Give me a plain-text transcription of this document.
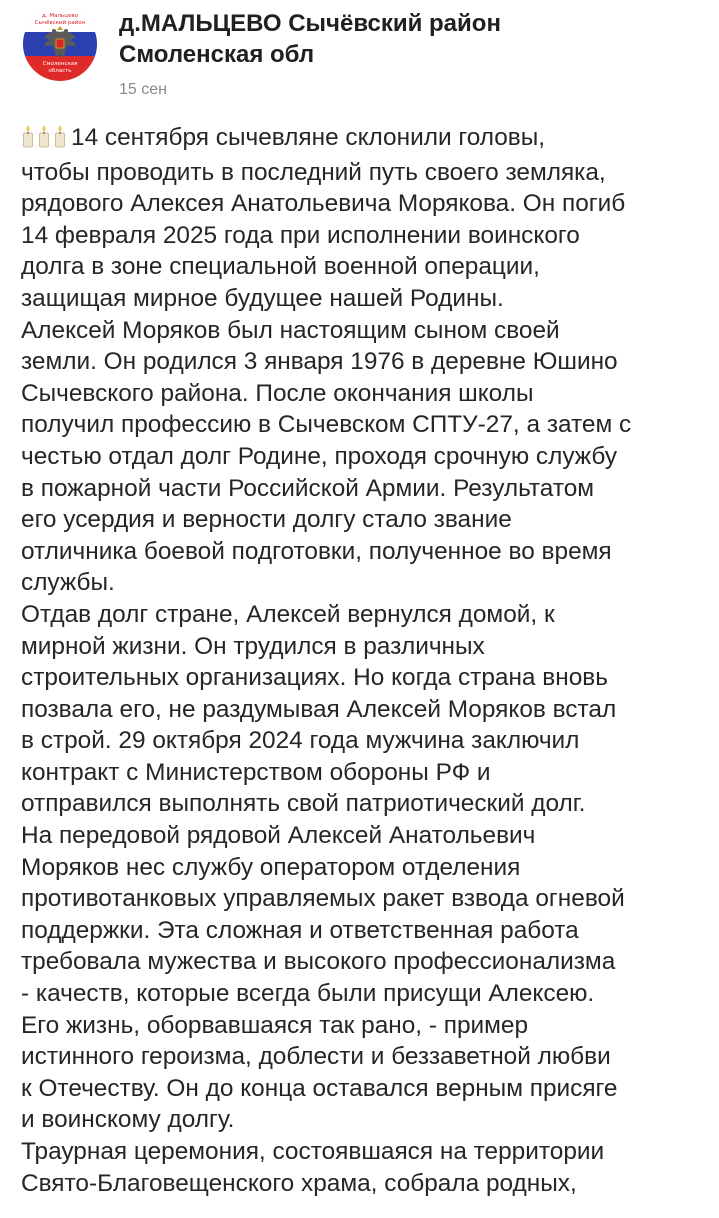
д. Мальцево
Сычёвский район
Смоленская
область
д.МАЛЬЦЕВО Сычёвский район
Смоленская обл
15 сен

14 сентября сычевляне склонили головы,

чтобы проводить в последний путь своего земляка,

рядового Алексея Анатольевича Морякова. Он погиб

14 февраля 2025 года при исполнении воинского

долга в зоне специальной военной операции,

защищая мирное будущее нашей Родины.

Алексей Моряков был настоящим сыном своей

земли. Он родился 3 января 1976 в деревне Юшино

Сычевского района. После окончания школы

получил профессию в Сычевском СПТУ-27, а затем с

честью отдал долг Родине, проходя срочную службу

в пожарной части Российской Армии. Результатом

его усердия и верности долгу стало звание

отличника боевой подготовки, полученное во время

службы.

Отдав долг стране, Алексей вернулся домой, к

мирной жизни. Он трудился в различных

строительных организациях. Но когда страна вновь

позвала его, не раздумывая Алексей Моряков встал

в строй. 29 октября 2024 года мужчина заключил

контракт с Министерством обороны РФ и

отправился выполнять свой патриотический долг.

На передовой рядовой Алексей Анатольевич

Моряков нес службу оператором отделения

противотанковых управляемых ракет взвода огневой

поддержки. Эта сложная и ответственная работа

требовала мужества и высокого профессионализма

- качеств, которые всегда были присущи Алексею.

Его жизнь, оборвавшаяся так рано, - пример

истинного героизма, доблести и беззаветной любви

к Отечеству. Он до конца оставался верным присяге

и воинскому долгу.

Траурная церемония, состоявшаяся на территории

Свято-Благовещенского храма, собрала родных,
